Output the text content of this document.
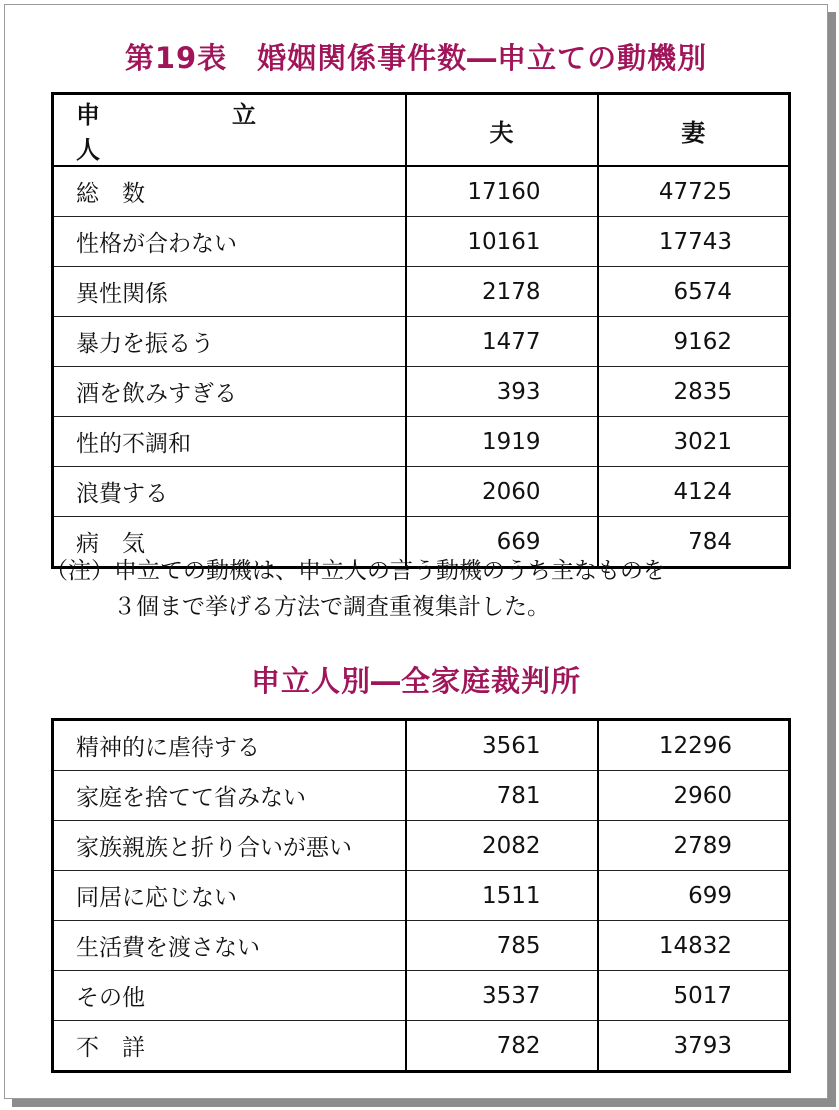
第19表　婚姻関係事件数―申立ての動機別
申　立　人	夫	妻
総　数	17160	47725
性格が合わない	10161	17743
異性関係	2178	6574
暴力を振るう	1477	9162
酒を飲みすぎる	393	2835
性的不調和	1919	3021
浪費する	2060	4124
病　気	669	784
（注）申立ての動機は、申立人の言う動機のうち主なものを
３個まで挙げる方法で調査重複集計した。
申立人別―全家庭裁判所
精神的に虐待する	3561	12296
家庭を捨てて省みない	781	2960
家族親族と折り合いが悪い	2082	2789
同居に応じない	1511	699
生活費を渡さない	785	14832
その他	3537	5017
不　詳	782	3793
